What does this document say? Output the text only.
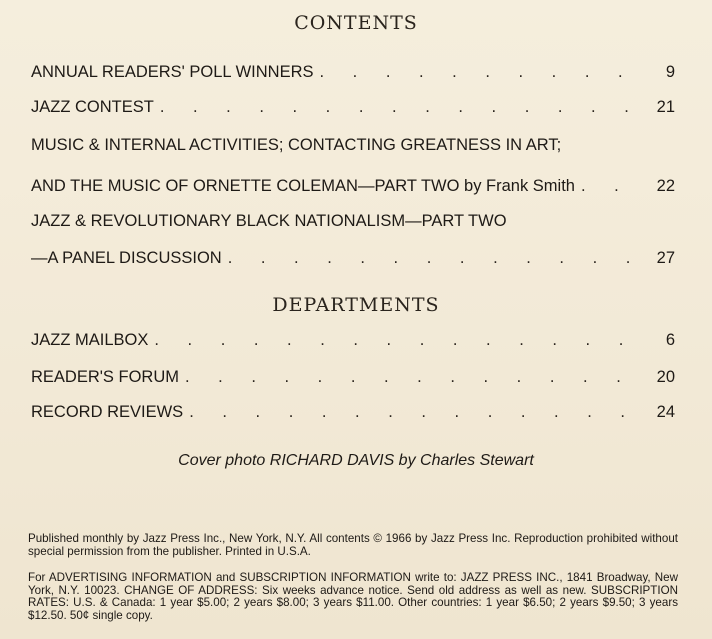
CONTENTS
ANNUAL READERS' POLL WINNERS . . .	9
JAZZ CONTEST . . .	21
MUSIC & INTERNAL ACTIVITIES; CONTACTING GREATNESS IN ART;
AND THE MUSIC OF ORNETTE COLEMAN—PART TWO by Frank Smith . . .	22
JAZZ & REVOLUTIONARY BLACK NATIONALISM—PART TWO
—A PANEL DISCUSSION . . .	27
DEPARTMENTS
JAZZ MAILBOX . . .	6
READER'S FORUM . . .	20
RECORD REVIEWS . . .	24
Cover photo RICHARD DAVIS by Charles Stewart

Published monthly by Jazz Press Inc., New York, N.Y. All contents © 1966 by Jazz Press Inc. Reproduction prohibited without special permission from the publisher. Printed in U.S.A.

For ADVERTISING INFORMATION and SUBSCRIPTION INFORMATION write to: JAZZ PRESS INC., 1841 Broadway, New York, N.Y. 10023. CHANGE OF ADDRESS: Six weeks advance notice. Send old address as well as new. SUBSCRIPTION RATES: U.S. & Canada: 1 year $5.00; 2 years $8.00; 3 years $11.00. Other countries: 1 year $6.50; 2 years $9.50; 3 years $12.50. 50¢ single copy.
